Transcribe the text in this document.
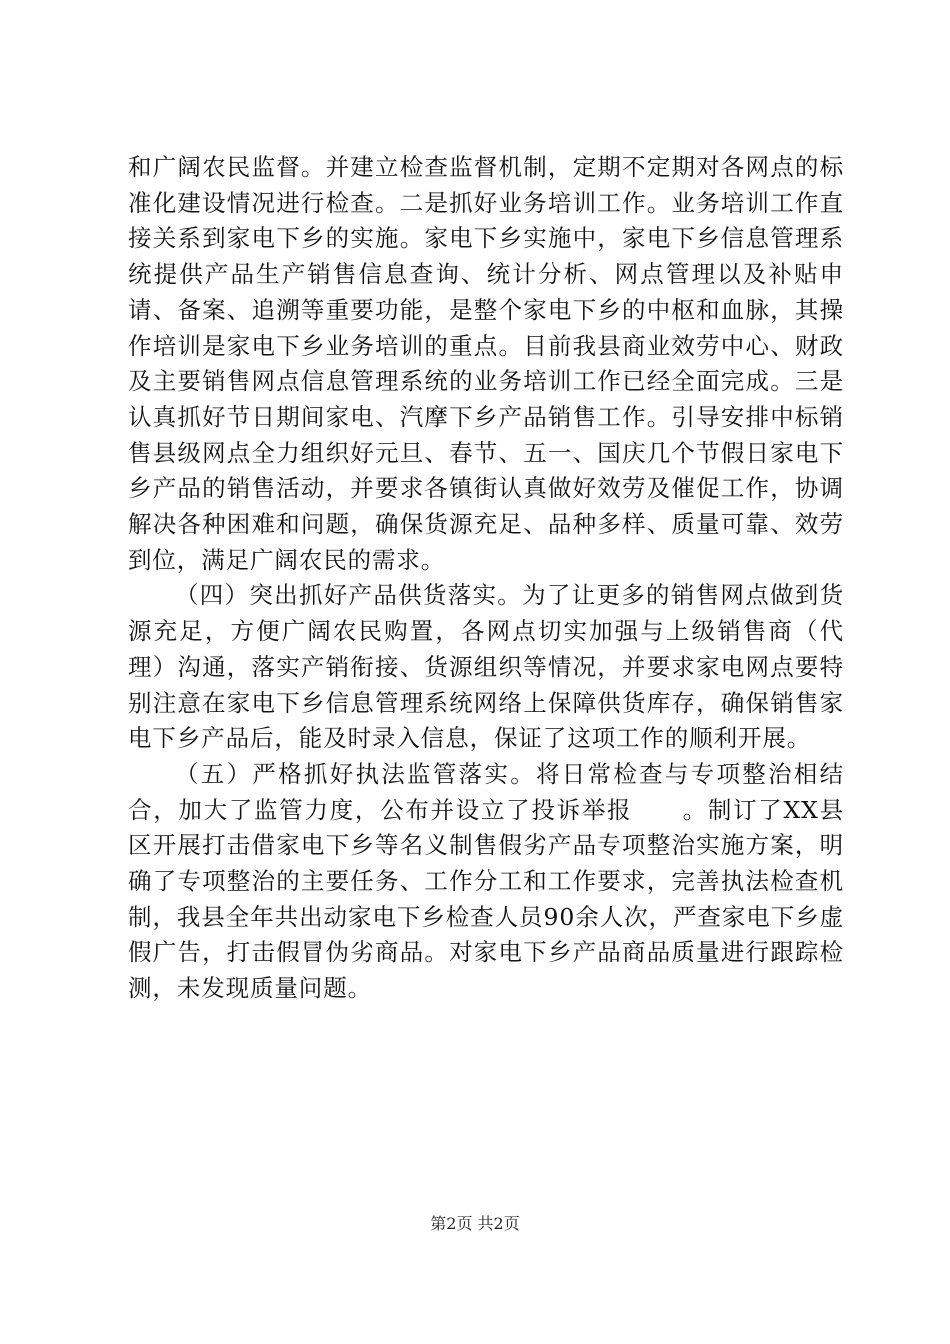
和广阔农民监督。并建立检查监督机制，定期不定期对各网点的标准化建设情况进行检查。二是抓好业务培训工作。业务培训工作直接关系到家电下乡的实施。家电下乡实施中，家电下乡信息管理系统提供产品生产销售信息查询、统计分析、网点管理以及补贴申请、备案、追溯等重要功能，是整个家电下乡的中枢和血脉，其操作培训是家电下乡业务培训的重点。目前我县商业效劳中心、财政及主要销售网点信息管理系统的业务培训工作已经全面完成。三是认真抓好节日期间家电、汽摩下乡产品销售工作。引导安排中标销售县级网点全力组织好元旦、春节、五一、国庆几个节假日家电下乡产品的销售活动，并要求各镇街认真做好效劳及催促工作，协调解决各种困难和问题，确保货源充足、品种多样、质量可靠、效劳到位，满足广阔农民的需求。

（四）突出抓好产品供货落实。为了让更多的销售网点做到货源充足，方便广阔农民购置，各网点切实加强与上级销售商（代理）沟通，落实产销衔接、货源组织等情况，并要求家电网点要特别注意在家电下乡信息管理系统网络上保障供货库存，确保销售家电下乡产品后，能及时录入信息，保证了这项工作的顺利开展。

（五）严格抓好执法监管落实。将日常检查与专项整治相结合，加大了监管力度，公布并设立了投诉举报　　。制订了XX县区开展打击借家电下乡等名义制售假劣产品专项整治实施方案，明确了专项整治的主要任务、工作分工和工作要求，完善执法检查机制，我县全年共出动家电下乡检查人员90余人次，严查家电下乡虚假广告，打击假冒伪劣商品。对家电下乡产品商品质量进行跟踪检测，未发现质量问题。

第2页 共2页
